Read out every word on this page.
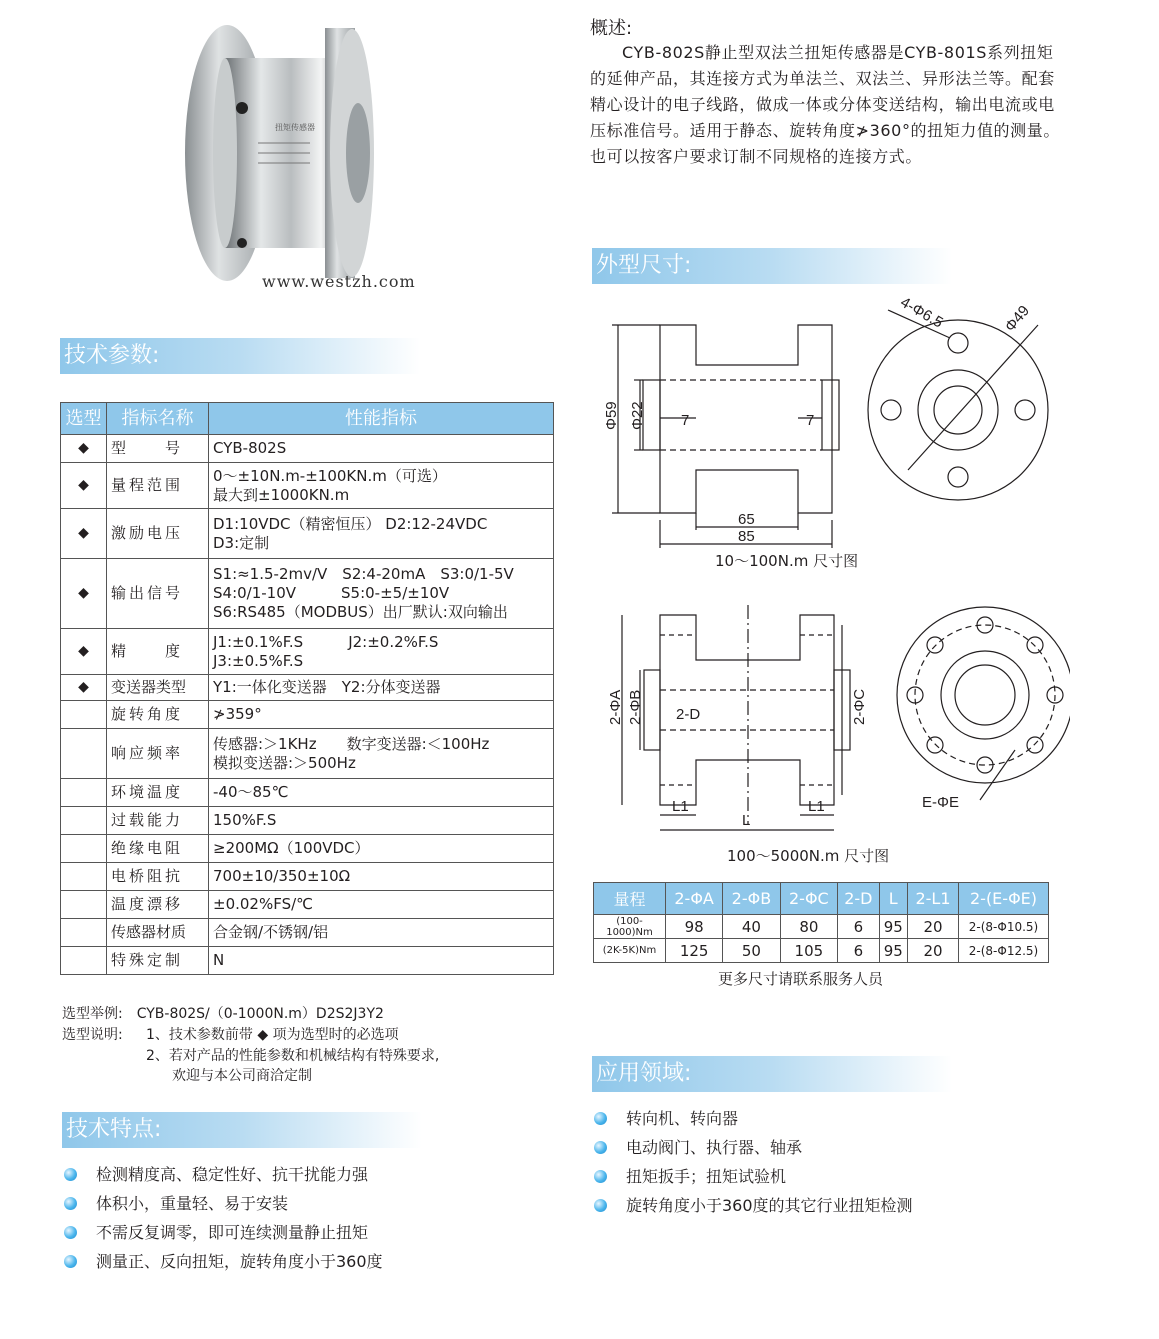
扭矩传感器
www.westzh.com
概述:
CYB-802S静止型双法兰扭矩传感器是CYB-801S系列扭矩的延伸产品，其连接方式为单法兰、双法兰、异形法兰等。配套精心设计的电子线路，做成一体或分体变送结构，输出电流或电压标准信号。适用于静态、旋转角度≯360°的扭矩力值的测量。也可以按客户要求订制不同规格的连接方式。
技术参数:
外型尺寸:
技术特点:
应用领域:
选型	指标名称	性能指标
◆	型　　号	CYB-802S

◆	量程范围	0～±10N.m-±100KN.m（可选）
最大到±1000KN.m

◆	激励电压	D1:10VDC（精密恒压） D2:12-24VDC
D3:定制

◆	输出信号	S1:≈1.5-2mv/V　S2:4-20mA　S3:0/1-5V
S4:0/1-10V　　　S5:0-±5/±10V
S6:RS485（MODBUS）出厂默认:双向输出

◆	精　　度	J1:±0.1%F.S　　　J2:±0.2%F.S
J3:±0.5%F.S

◆	变送器类型	Y1:一体化变送器　Y2:分体变送器

	旋转角度	≯359°

	响应频率	传感器:＞1KHz　　数字变送器:＜100Hz
模拟变送器:＞500Hz

	环境温度	-40～85℃

	过载能力	150%F.S

	绝缘电阻	≥200MΩ（100VDC）

	电桥阻抗	700±10/350±10Ω

	温度漂移	±0.02%FS/℃

	传感器材质	合金钢/不锈钢/铝

	特殊定制	N
选型举例:　CYB-802S/（0-1000N.m）D2S2J3Y2
选型说明: 1、技术参数前带 ◆ 项为选型时的必选项
2、若对产品的性能参数和机械结构有特殊要求,
欢迎与本公司商洽定制
检测精度高、稳定性好、抗干扰能力强
体积小，重量轻、易于安装
不需反复调零，即可连续测量静止扭矩
测量正、反向扭矩，旋转角度小于360度
转向机、转向器
电动阀门、执行器、轴承
扭矩扳手；扭矩试验机
旋转角度小于360度的其它行业扭矩检测
Φ59 Φ22 7	7
65
85
4-Φ6.5	Φ49
10～100N.m 尺寸图
2-ΦA 2-ΦB 2-D	2-ΦC
L1	L1
L
E-ΦE
100～5000N.m 尺寸图
量程	2-ΦA	2-ΦB	2-ΦC	2-D	L	2-L1	2-(E-ΦE)
(100-1000)Nm	98	40	80	6	95	20	2-(8-Φ10.5)
(2K-5K)Nm	125	50	105	6	95	20	2-(8-Φ12.5)
更多尺寸请联系服务人员
